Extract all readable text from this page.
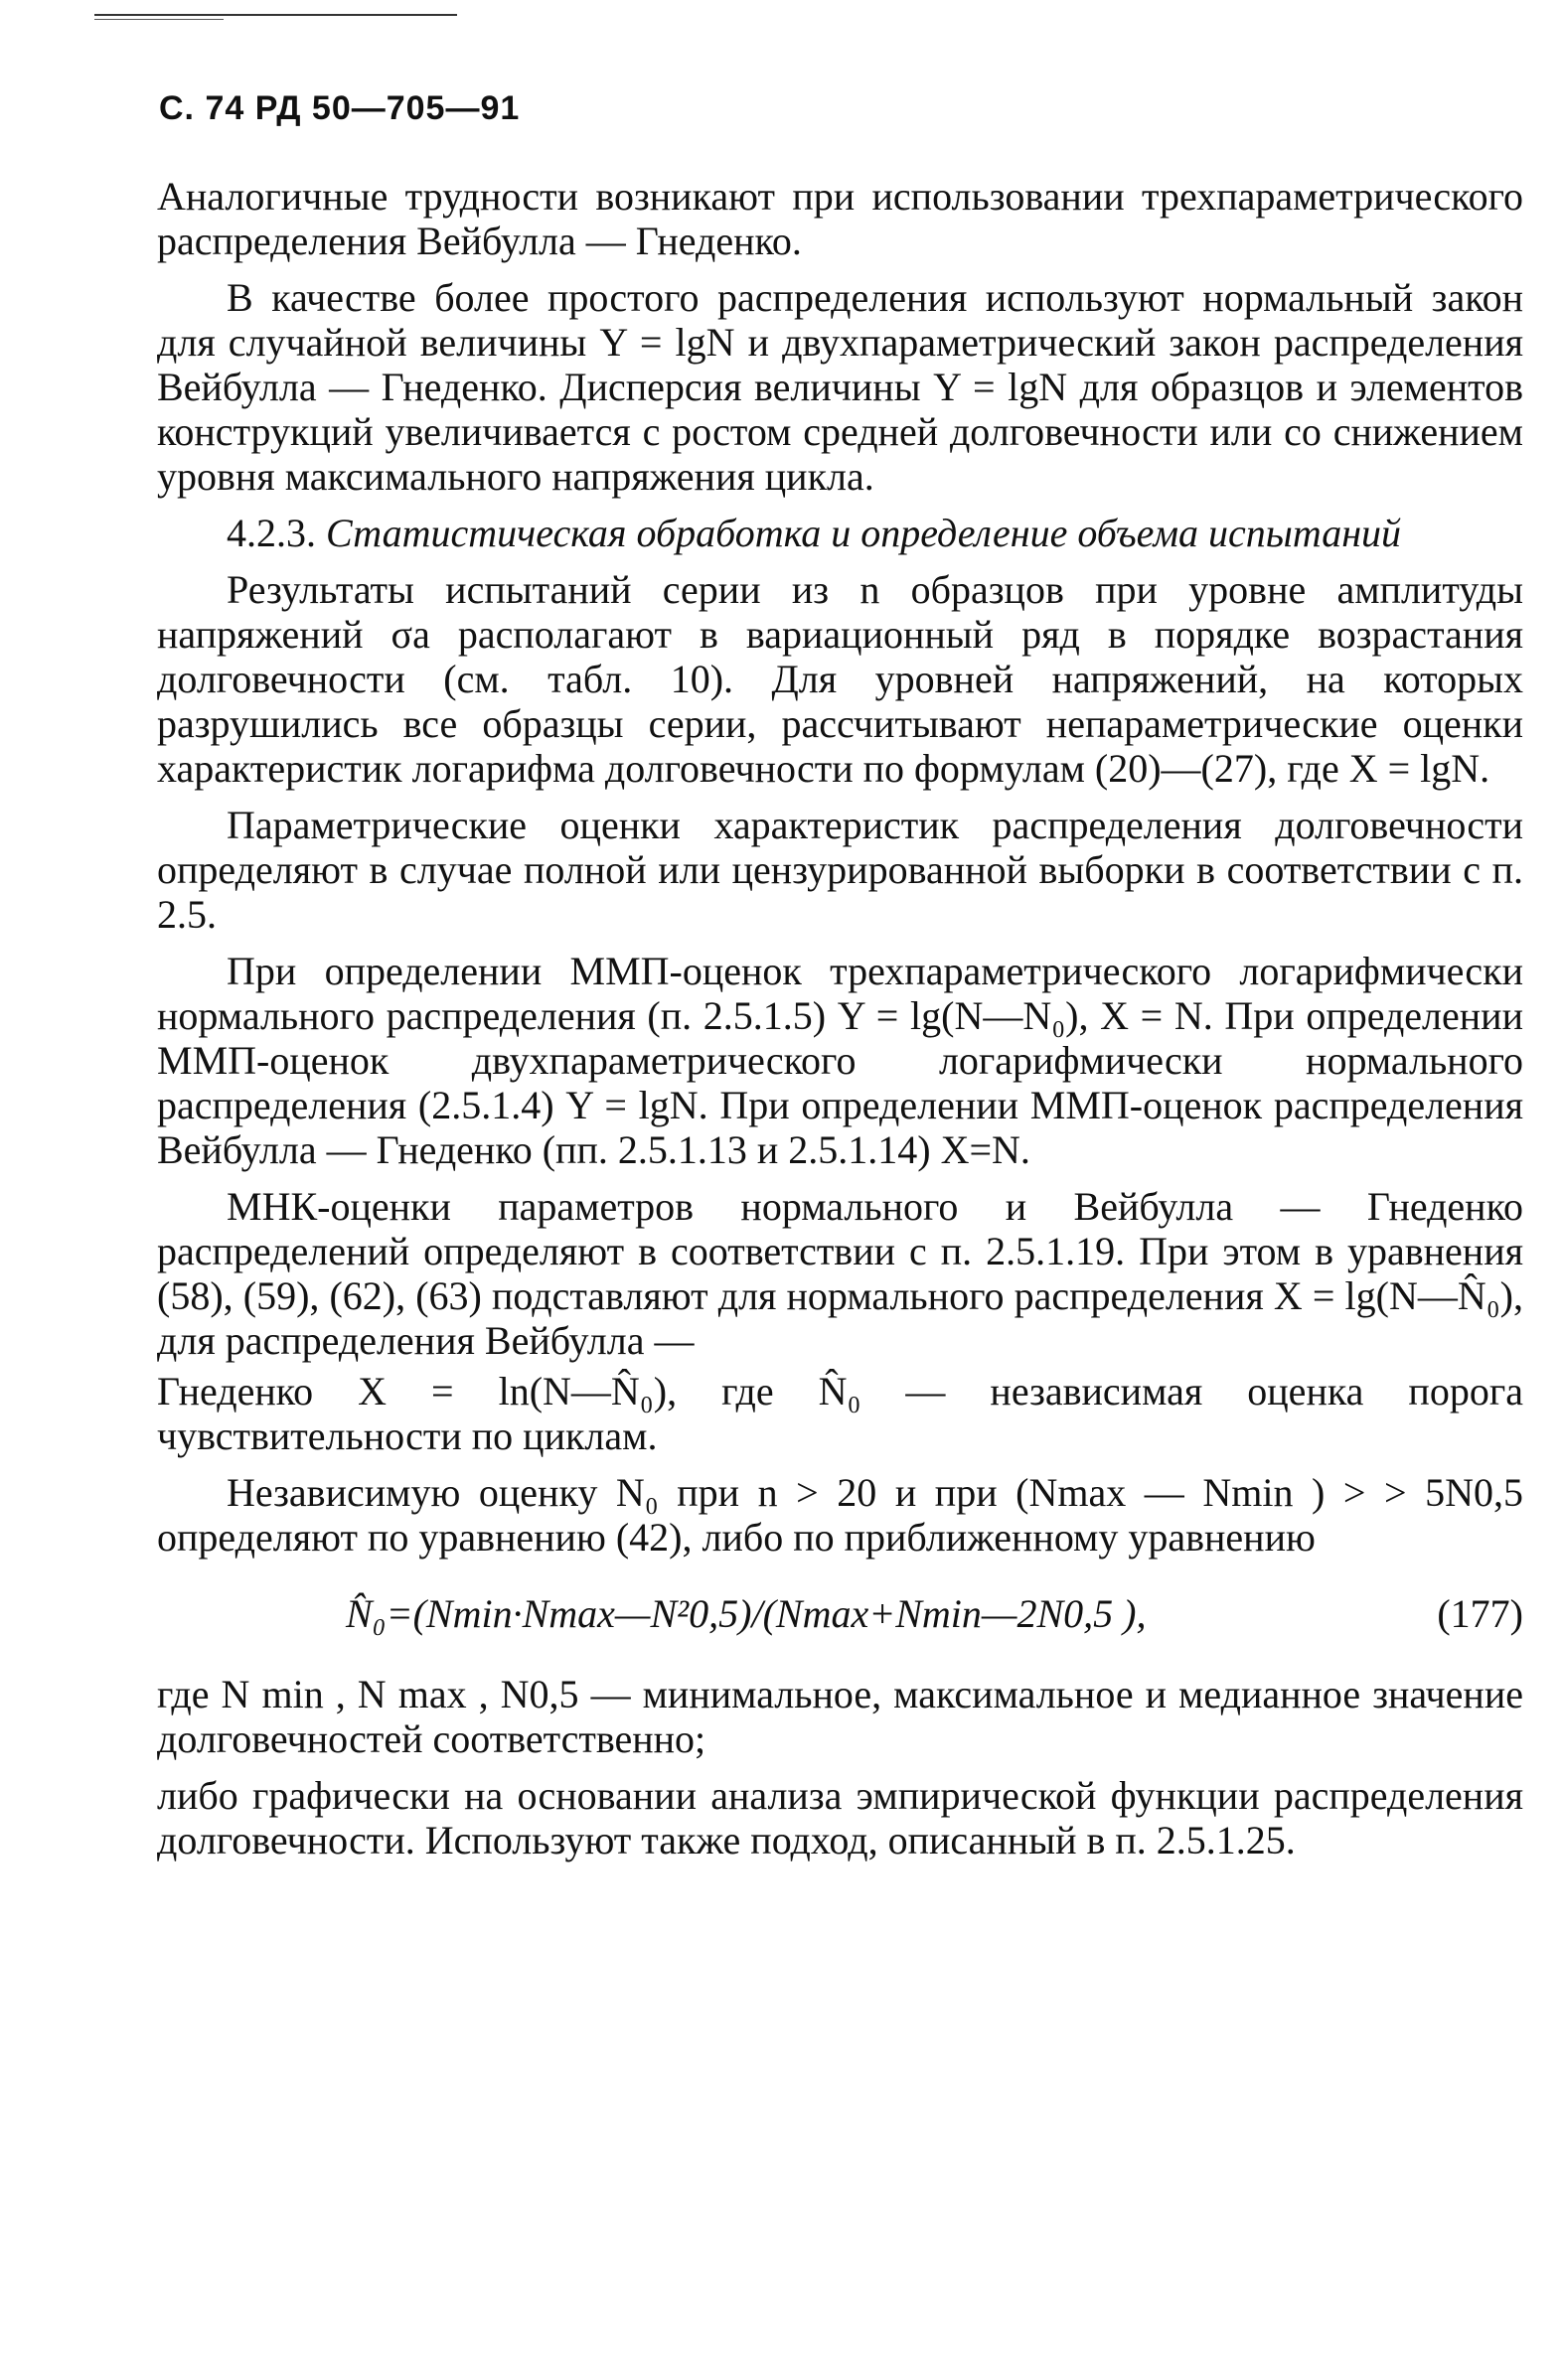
С. 74 РД 50—705—91

Аналогичные трудности возникают при использовании трехпараметрического распределения Вейбулла — Гнеденко.

В качестве более простого распределения используют нормальный закон для случайной величины Y = lgN и двухпараметрический закон распределения Вейбулла — Гнеденко. Дисперсия величины Y = lgN для образцов и элементов конструкций увеличивается с ростом средней долговечности или со снижением уровня максимального напряжения цикла.

4.2.3. Статистическая обработка и определение объема испытаний

Результаты испытаний серии из n образцов при уровне амплитуды напряжений σa располагают в вариационный ряд в порядке возрастания долговечности (см. табл. 10). Для уровней напряжений, на которых разрушились все образцы серии, рассчитывают непараметрические оценки характеристик логарифма долговечности по формулам (20)—(27), где X = lgN.

Параметрические оценки характеристик распределения долговечности определяют в случае полной или цензурированной выборки в соответствии с п. 2.5.

При определении ММП-оценок трехпараметрического логарифмически нормального распределения (п. 2.5.1.5) Y = lg(N—N₀), X = N. При определении ММП-оценок двухпараметрического логарифмически нормального распределения (2.5.1.4) Y = lgN. При определении ММП-оценок распределения Вейбулла — Гнеденко (пп. 2.5.1.13 и 2.5.1.14) X=N.

МНК-оценки параметров нормального и Вейбулла — Гнеденко распределений определяют в соответствии с п. 2.5.1.19. При этом в уравнения (58), (59), (62), (63) подставляют для нормального распределения X = lg(N—N̂₀), для распределения Вейбулла —

Гнеденко X = ln(N—N̂₀), где N̂₀ — независимая оценка порога чувствительности по циклам.

Независимую оценку N₀ при n > 20 и при (Nmax — Nmin ) > > 5N0,5 определяют по уравнению (42), либо по приближенному уравнению

N̂₀=(Nmin·Nmax—N²0,5)/(Nmax+Nmin—2N0,5 ),	(177)

где N min , N max , N0,5 — минимальное, максимальное и медианное значение долговечностей соответственно;

либо графически на основании анализа эмпирической функции распределения долговечности. Используют также подход, описанный в п. 2.5.1.25.
